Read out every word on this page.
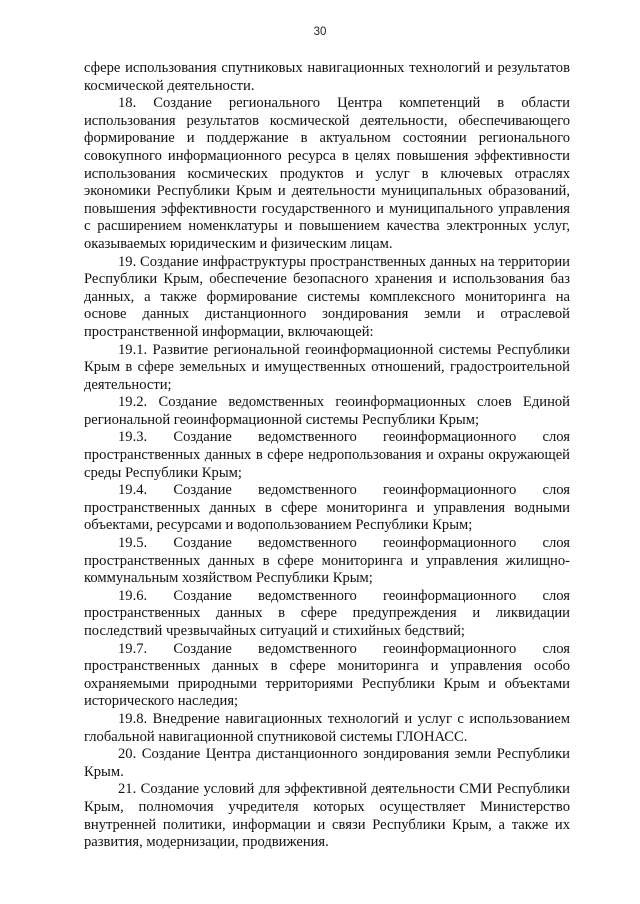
30

сфере использования спутниковых навигационных технологий и результатов космической деятельности.

18. Создание регионального Центра компетенций в области использования результатов космической деятельности, обеспечивающего формирование и поддержание в актуальном состоянии регионального совокупного информационного ресурса в целях повышения эффективности использования космических продуктов и услуг в ключевых отраслях экономики Республики Крым и деятельности муниципальных образований, повышения эффективности государственного и муниципального управления с расширением номенклатуры и повышением качества электронных услуг, оказываемых юридическим и физическим лицам.

19. Создание инфраструктуры пространственных данных на территории Республики Крым, обеспечение безопасного хранения и использования баз данных, а также формирование системы комплексного мониторинга на основе данных дистанционного зондирования земли и отраслевой пространственной информации, включающей:

19.1. Развитие региональной геоинформационной системы Республики Крым в сфере земельных и имущественных отношений, градостроительной деятельности;

19.2. Создание ведомственных геоинформационных слоев Единой региональной геоинформационной системы Республики Крым;

19.3. Создание ведомственного геоинформационного слоя пространственных данных в сфере недропользования и охраны окружающей среды Республики Крым;

19.4. Создание ведомственного геоинформационного слоя пространственных данных в сфере мониторинга и управления водными объектами, ресурсами и водопользованием Республики Крым;

19.5. Создание ведомственного геоинформационного слоя пространственных данных в сфере мониторинга и управления жилищно-коммунальным хозяйством Республики Крым;

19.6. Создание ведомственного геоинформационного слоя пространственных данных в сфере предупреждения и ликвидации последствий чрезвычайных ситуаций и стихийных бедствий;

19.7. Создание ведомственного геоинформационного слоя пространственных данных в сфере мониторинга и управления особо охраняемыми природными территориями Республики Крым и объектами исторического наследия;

19.8. Внедрение навигационных технологий и услуг с использованием глобальной навигационной спутниковой системы ГЛОНАСС.

20. Создание Центра дистанционного зондирования земли Республики Крым.

21. Создание условий для эффективной деятельности СМИ Республики Крым, полномочия учредителя которых осуществляет Министерство внутренней политики, информации и связи Республики Крым, а также их развития, модернизации, продвижения.
